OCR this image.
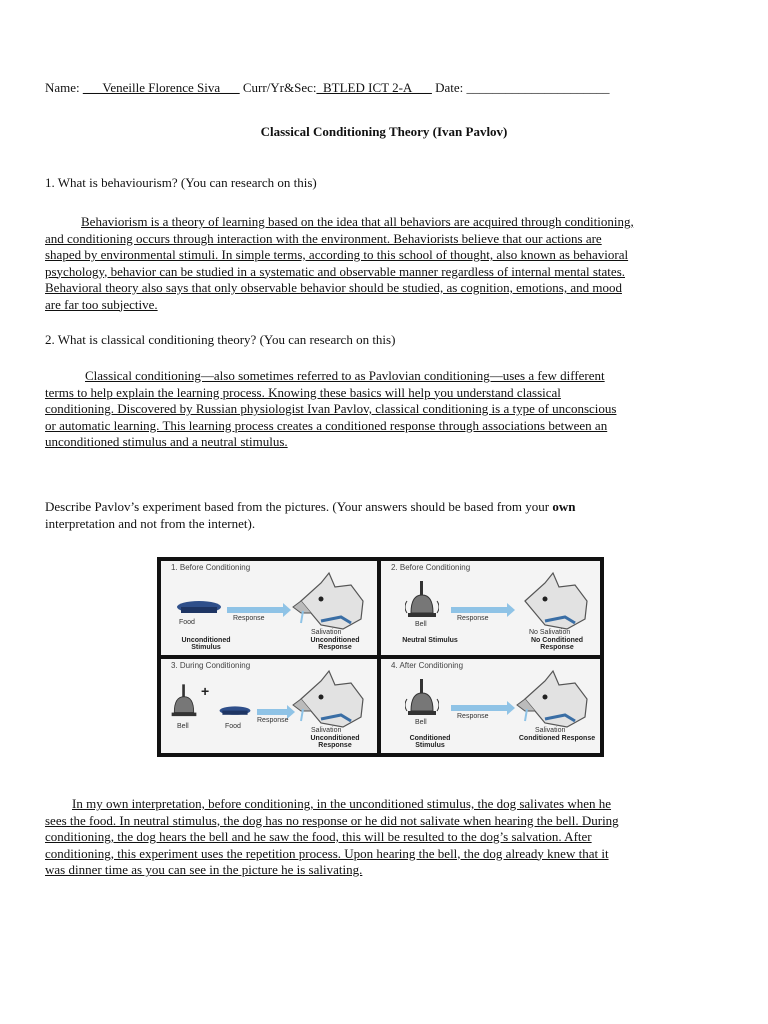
Name: ___Veneille Florence Siva___ Curr/Yr&Sec:_BTLED ICT 2-A___ Date: ______________________
Classical Conditioning Theory (Ivan Pavlov)
1. What is behaviourism? (You can research on this)
Behaviorism is a theory of learning based on the idea that all behaviors are acquired through conditioning,
and conditioning occurs through interaction with the environment. Behaviorists believe that our actions are
shaped by environmental stimuli. In simple terms, according to this school of thought, also known as behavioral
psychology, behavior can be studied in a systematic and observable manner regardless of internal mental states.
Behavioral theory also says that only observable behavior should be studied, as cognition, emotions, and mood
are far too subjective.
2. What is classical conditioning theory? (You can research on this)
Classical conditioning—also sometimes referred to as Pavlovian conditioning—uses a few different
terms to help explain the learning process. Knowing these basics will help you understand classical
conditioning. Discovered by Russian physiologist Ivan Pavlov, classical conditioning is a type of unconscious
or automatic learning. This learning process creates a conditioned response through associations between an
unconditioned stimulus and a neutral stimulus.
Describe Pavlov’s experiment based from the pictures. (Your answers should be based from your own
interpretation and not from the internet).
1. Before Conditioning
Food
Response
Salivation
Unconditioned Stimulus
Unconditioned Response
2. Before Conditioning
Bell
Response
No Salivation
Neutral Stimulus	No Conditioned Response
3. During Conditioning
+
Bell	Food
Response
Salivation
Unconditioned Response
4. After Conditioning
Bell
Response
Salivation
Conditioned Stimulus
Conditioned Response
In my own interpretation, before conditioning, in the unconditioned stimulus, the dog salivates when he
sees the food. In neutral stimulus, the dog has no response or he did not salivate when hearing the bell. During
conditioning, the dog hears the bell and he saw the food, this will be resulted to the dog’s salvation. After
conditioning, this experiment uses the repetition process. Upon hearing the bell, the dog already knew that it
was dinner time as you can see in the picture he is salivating.
